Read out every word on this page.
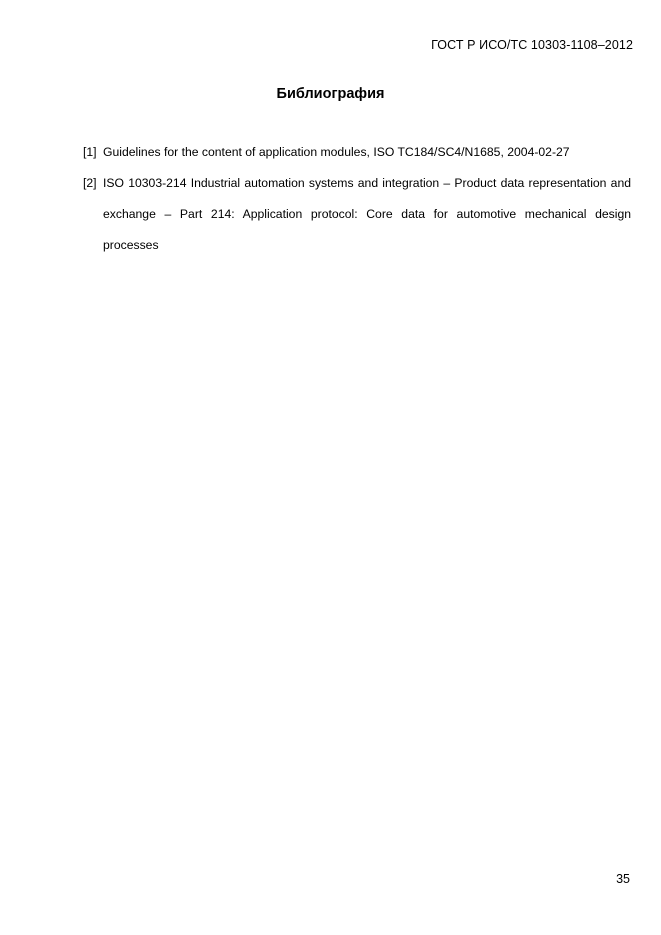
ГОСТ Р ИСО/ТС 10303-1108–2012
Библиография
[1] Guidelines for the content of application modules, ISO TC184/SC4/N1685, 2004-02-27
[2] ISO 10303-214 Industrial automation systems and integration – Product data representation and exchange – Part 214: Application protocol: Core data for automotive mechanical design processes
35
